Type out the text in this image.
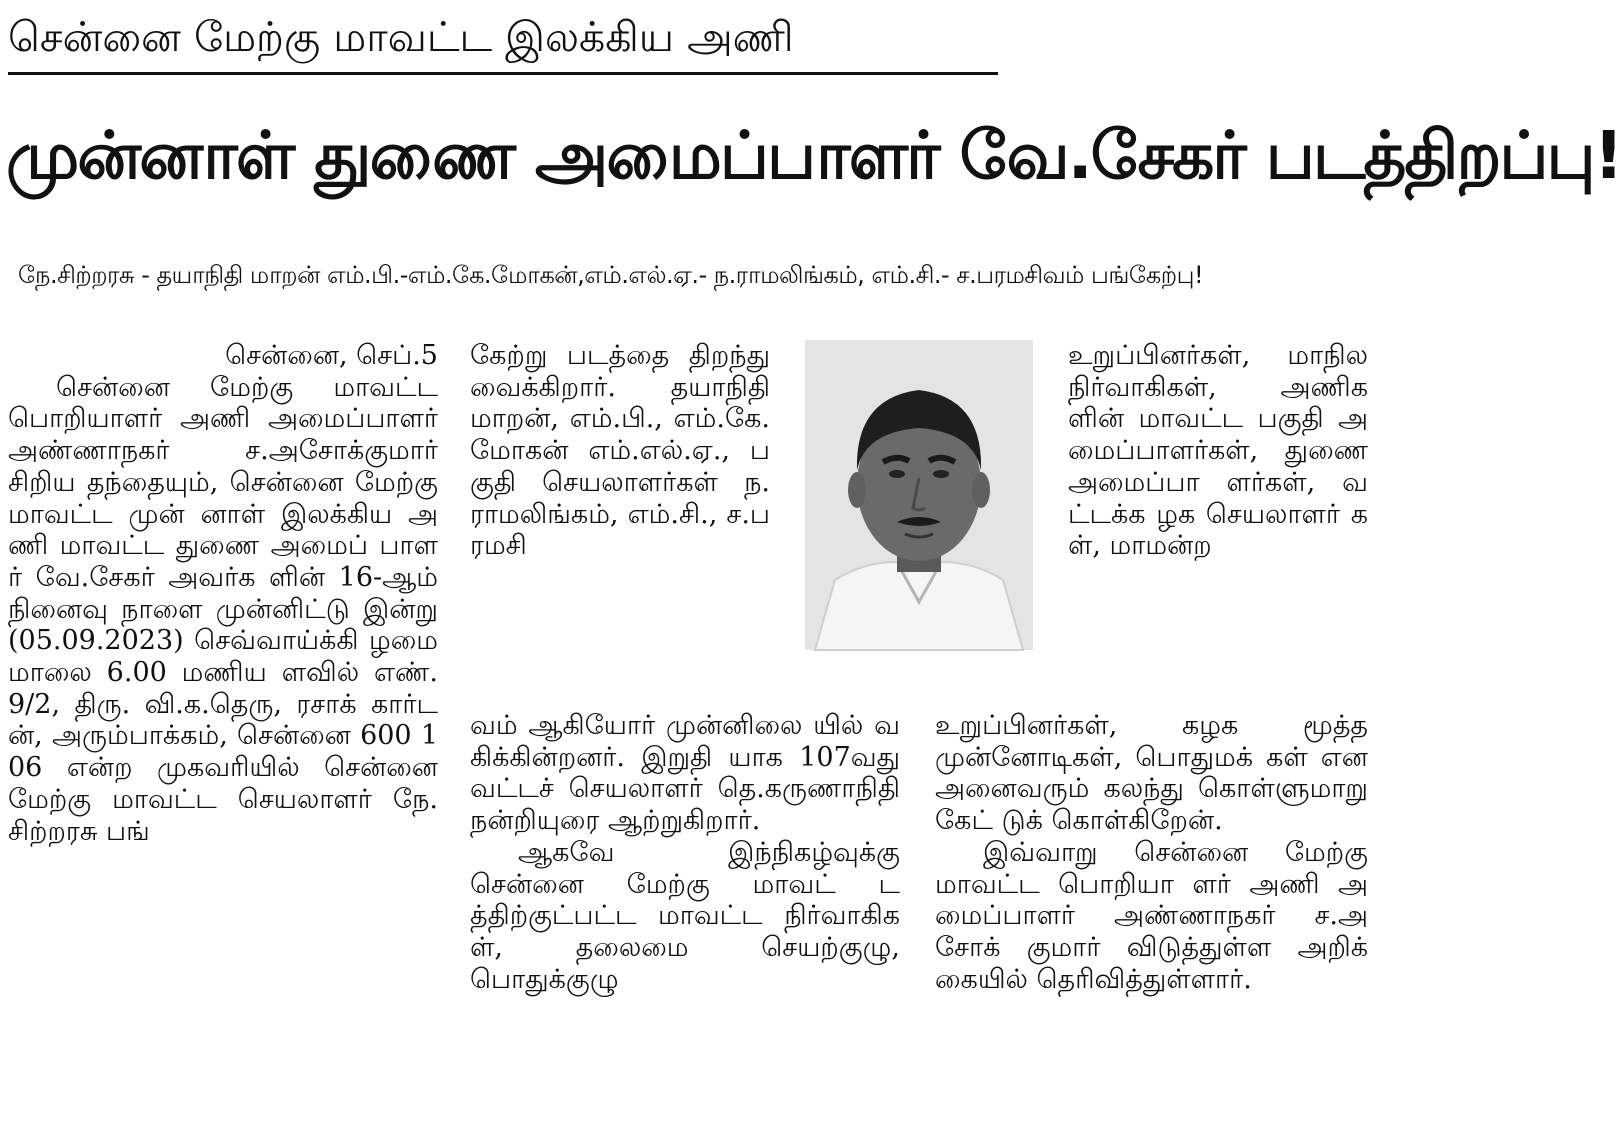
சென்னை மேற்கு மாவட்ட இலக்கிய அணி
முன்னாள் துணை அமைப்பாளர் வே.சேகர் படத்திறப்பு!
நே.சிற்றரசு - தயாநிதி மாறன் எம்.பி.-எம்.கே.மோகன்,எம்.எல்.ஏ.- ந.ராமலிங்கம், எம்.சி.- ச.பரமசிவம் பங்கேற்பு!

சென்னை, செப்.5

சென்னை மேற்கு மாவட்ட பொறியாளர் அணி அமைப்பாளர் அண்ணாநகர் ச.அசோக்குமார் சிறிய தந்தையும், சென்னை மேற்கு மாவட்ட முன் னாள் இலக்கிய அணி மாவட்ட துணை அமைப் பாளர் வே.சேகர் அவர்க ளின் 16-ஆம் நினைவு நாளை முன்னிட்டு இன்று (05.09.2023) செவ்வாய்க்கி ழமை மாலை 6.00 மணிய ளவில் எண்.9/2, திரு. வி.க.தெரு, ரசாக் கார்டன், அரும்பாக்கம், சென்னை 600 106 என்ற முகவரியில் சென்னை மேற்கு மாவட்ட செயலாளர் நே.சிற்றரசு பங்

கேற்று படத்தை திறந்து வைக்கிறார். தயாநிதி மாறன், எம்.பி., எம்.கே. மோகன் எம்.எல்.ஏ., பகுதி செயலாளர்கள் ந.ராமலிங்கம், எம்.சி., ச.பரமசி

வம் ஆகியோர் முன்னிலை யில் வகிக்கின்றனர். இறுதி யாக 107வது வட்டச் செயலாளர் தெ.கருணாநிதி நன்றியுரை ஆற்றுகிறார்.

ஆகவே இந்நிகழ்வுக்கு சென்னை மேற்கு மாவட் டத்திற்குட்பட்ட மாவட்ட நிர்வாகிகள், தலைமை செயற்குழு, பொதுக்குழு

உறுப்பினர்கள், மாநில நிர்வாகிகள், அணிகளின் மாவட்ட பகுதி அமைப்பாளர்கள், துணை அமைப்பா ளர்கள், வட்டக்க ழக செயலாளர் கள், மாமன்ற

உறுப்பினர்கள், கழக மூத்த முன்னோடிகள், பொதுமக் கள் என அனைவரும் கலந்து கொள்ளுமாறு கேட் டுக் கொள்கிறேன்.

இவ்வாறு சென்னை மேற்கு மாவட்ட பொறியா ளர் அணி அமைப்பாளர் அண்ணாநகர் ச.அசோக் குமார் விடுத்துள்ள அறிக் கையில் தெரிவித்துள்ளார்.
